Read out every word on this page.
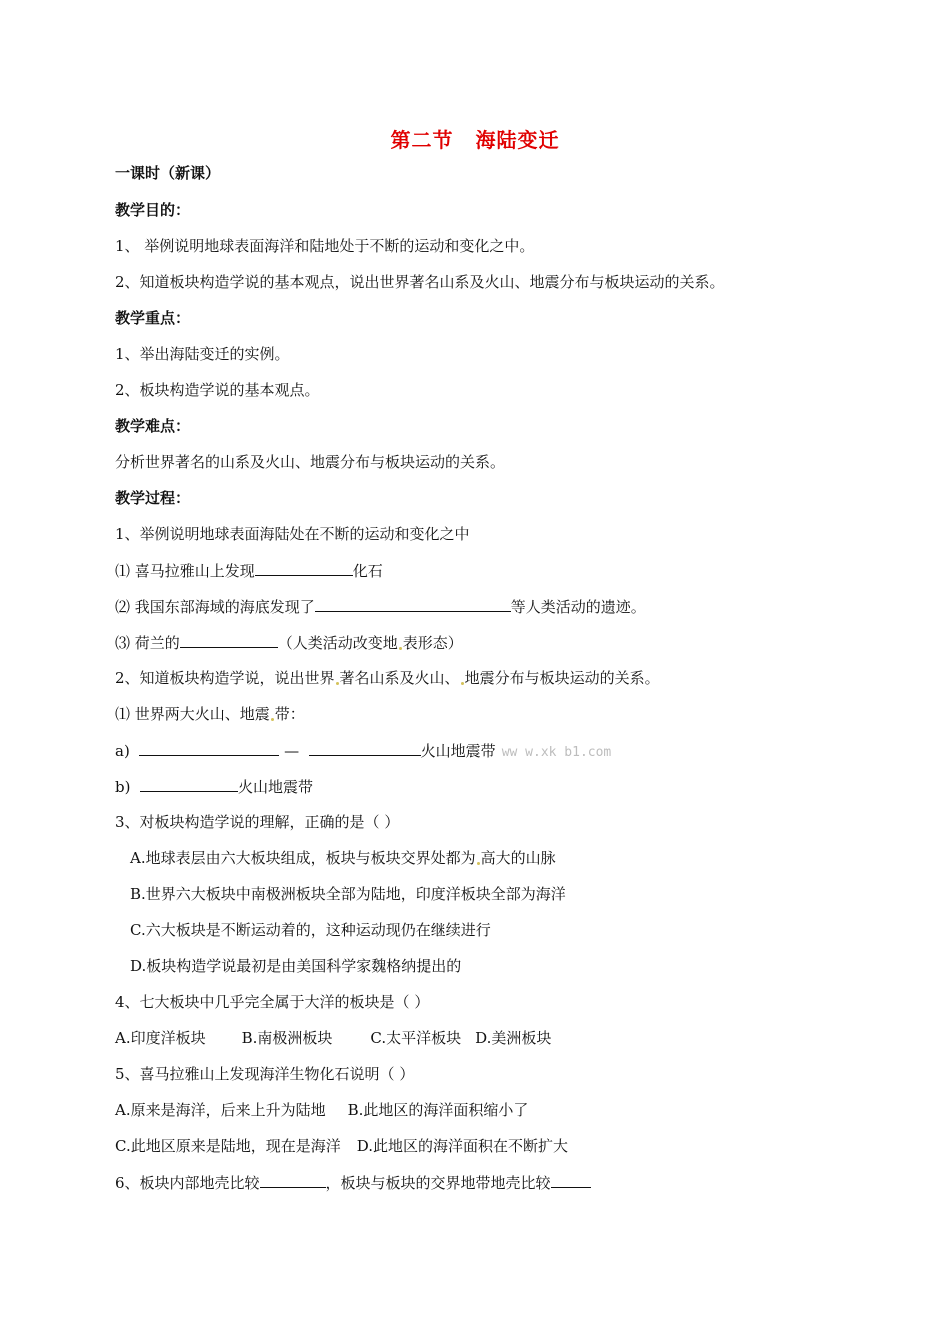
第二节 海陆变迁
一课时（新课）
教学目的：
1、 举例说明地球表面海洋和陆地处于不断的运动和变化之中。
2、知道板块构造学说的基本观点，说出世界著名山系及火山、地震分布与板块运动的关系。
教学重点：
1、举出海陆变迁的实例。
2、板块构造学说的基本观点。
教学难点：
分析世界著名的山系及火山、地震分布与板块运动的关系。
教学过程：
1、举例说明地球表面海陆处在不断的运动和变化之中
⑴ 喜马拉雅山上发现	化石
⑵ 我国东部海域的海底发现了	等人类活动的遗迹。
⑶ 荷兰的	（人类活动改变地 表形态）
2、知道板块构造学说，说出世界 著名山系及火山、 地震分布与板块运动的关系。
⑴ 世界两大火山、地震 带：
a)	—	火山地震带 ww w.xk b1.com
b)	火山地震带
3、对板块构造学说的理解，正确的是（ ）
A.地球表层由六大板块组成，板块与板块交界处都为 高大的山脉
B.世界六大板块中南极洲板块全部为陆地，印度洋板块全部为海洋
C.六大板块是不断运动着的，这种运动现仍在继续进行
D.板块构造学说最初是由美国科学家魏格纳提出的
4、七大板块中几乎完全属于大洋的板块是（ ）
A.印度洋板块 B.南极洲板块	C.太平洋板块 D.美洲板块
5、喜马拉雅山上发现海洋生物化石说明（ ）
A.原来是海洋，后来上升为陆地 B.此地区的海洋面积缩小了
C.此地区原来是陆地，现在是海洋 D.此地区的海洋面积在不断扩大
6、板块内部地壳比较	，板块与板块的交界地带地壳比较
